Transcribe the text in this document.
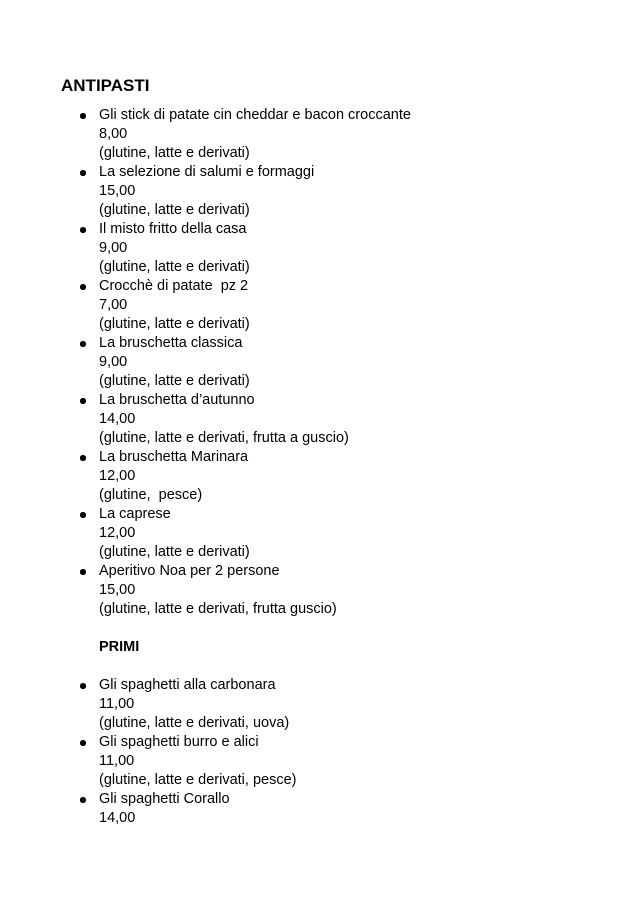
ANTIPASTI
Gli stick di patate cin cheddar e bacon croccante
8,00
(glutine, latte e derivati)
La selezione di salumi e formaggi
15,00
(glutine, latte e derivati)
Il misto fritto della casa
9,00
(glutine, latte e derivati)
Crocchè di patate  pz 2
7,00
(glutine, latte e derivati)
La bruschetta classica
9,00
(glutine, latte e derivati)
La bruschetta d’autunno
14,00
(glutine, latte e derivati, frutta a guscio)
La bruschetta Marinara
12,00
(glutine,  pesce)
La caprese
12,00
(glutine, latte e derivati)
Aperitivo Noa per 2 persone
15,00
(glutine, latte e derivati, frutta guscio)
PRIMI
Gli spaghetti alla carbonara
11,00
(glutine, latte e derivati, uova)
Gli spaghetti burro e alici
11,00
(glutine, latte e derivati, pesce)
Gli spaghetti Corallo
14,00
